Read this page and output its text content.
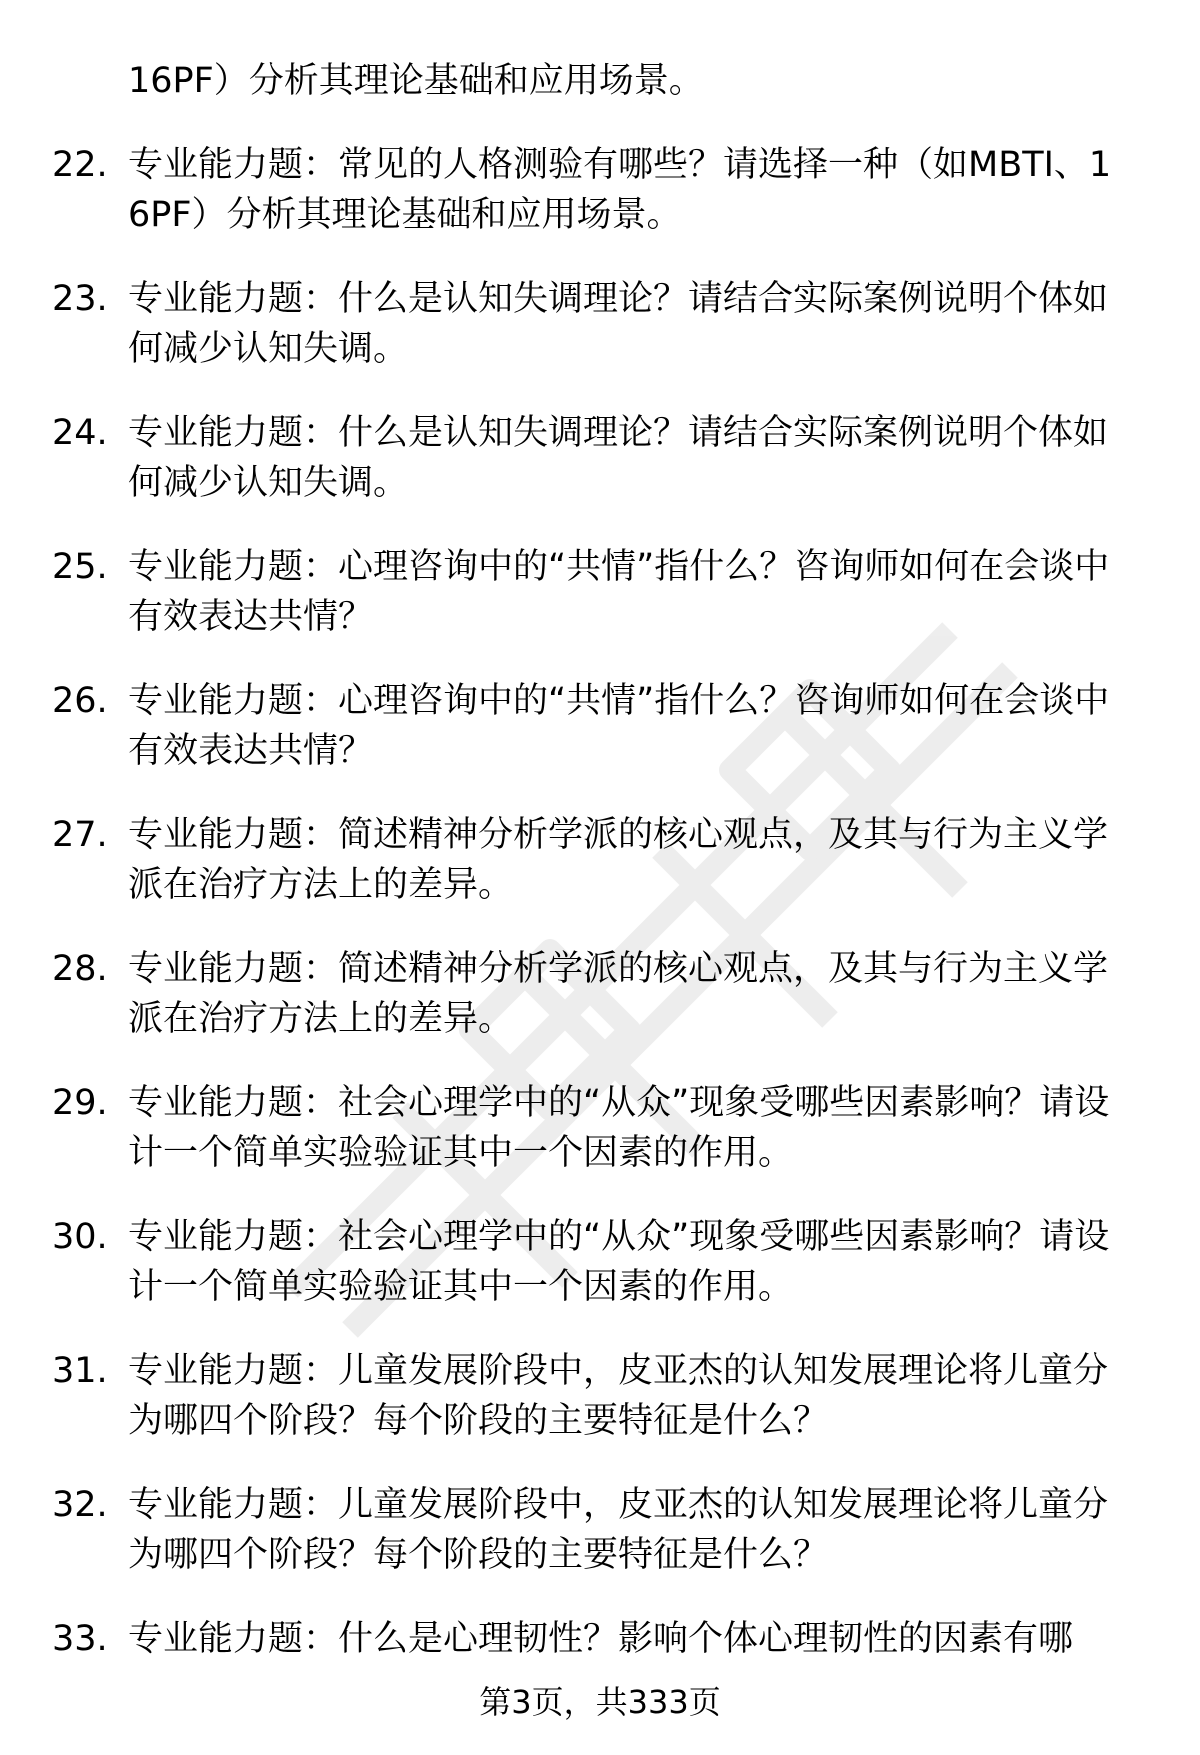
16PF）分析其理论基础和应用场景。
22. 专业能力题：常见的人格测验有哪些？请选择一种（如MBTI、16PF）分析其理论基础和应用场景。
23. 专业能力题：什么是认知失调理论？请结合实际案例说明个体如何减少认知失调。
24. 专业能力题：什么是认知失调理论？请结合实际案例说明个体如何减少认知失调。
25. 专业能力题：心理咨询中的“共情”指什么？咨询师如何在会谈中有效表达共情？
26. 专业能力题：心理咨询中的“共情”指什么？咨询师如何在会谈中有效表达共情？
27. 专业能力题：简述精神分析学派的核心观点，及其与行为主义学派在治疗方法上的差异。
28. 专业能力题：简述精神分析学派的核心观点，及其与行为主义学派在治疗方法上的差异。
29. 专业能力题：社会心理学中的“从众”现象受哪些因素影响？请设计一个简单实验验证其中一个因素的作用。
30. 专业能力题：社会心理学中的“从众”现象受哪些因素影响？请设计一个简单实验验证其中一个因素的作用。
31. 专业能力题：儿童发展阶段中，皮亚杰的认知发展理论将儿童分为哪四个阶段？每个阶段的主要特征是什么？
32. 专业能力题：儿童发展阶段中，皮亚杰的认知发展理论将儿童分为哪四个阶段？每个阶段的主要特征是什么？
33. 专业能力题：什么是心理韧性？影响个体心理韧性的因素有哪
第3页，共333页
